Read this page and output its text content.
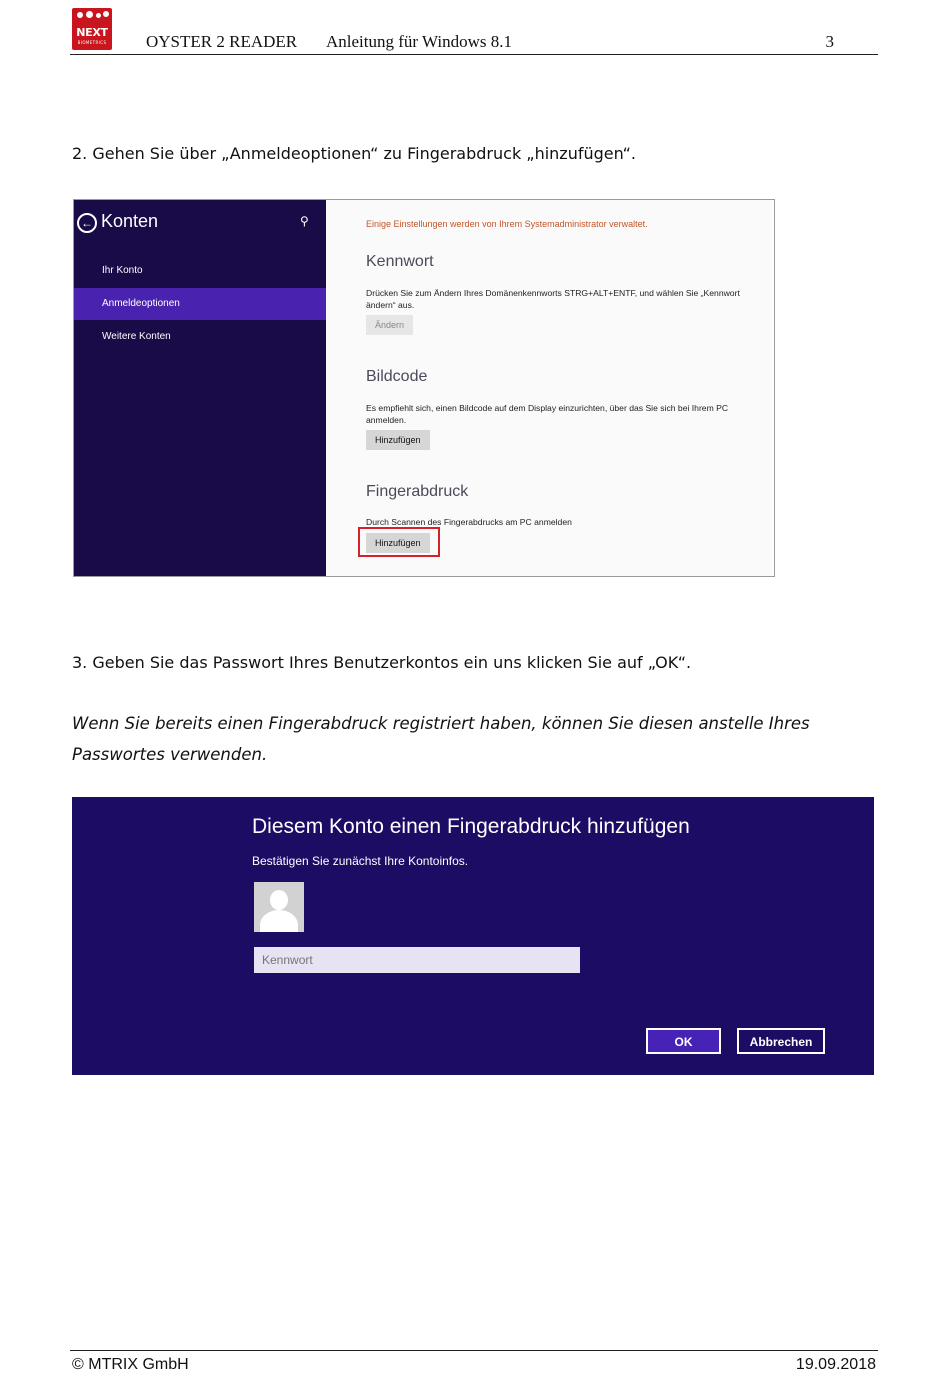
NEXT
BIOMETRICS	OYSTER 2 READER Anleitung für Windows 8.1	3
2. Gehen Sie über „Anmeldeoptionen“ zu Fingerabdruck „hinzufügen“.
← Konten	⚲
Ihr Konto
Anmeldeoptionen
Weitere Konten
Einige Einstellungen werden von Ihrem Systemadministrator verwaltet.
Kennwort
Drücken Sie zum Ändern Ihres Domänenkennworts STRG+ALT+ENTF, und wählen Sie „Kennwort ändern“ aus.
Ändern
Bildcode
Es empfiehlt sich, einen Bildcode auf dem Display einzurichten, über das Sie sich bei Ihrem PC anmelden.
Hinzufügen
Fingerabdruck
Durch Scannen des Fingerabdrucks am PC anmelden
Hinzufügen
3. Geben Sie das Passwort Ihres Benutzerkontos ein uns klicken Sie auf „OK“.
Wenn Sie bereits einen Fingerabdruck registriert haben, können Sie diesen anstelle Ihres Passwortes verwenden.
Diesem Konto einen Fingerabdruck hinzufügen
Bestätigen Sie zunächst Ihre Kontoinfos.
OK	Abbrechen
© MTRIX GmbH	19.09.2018
